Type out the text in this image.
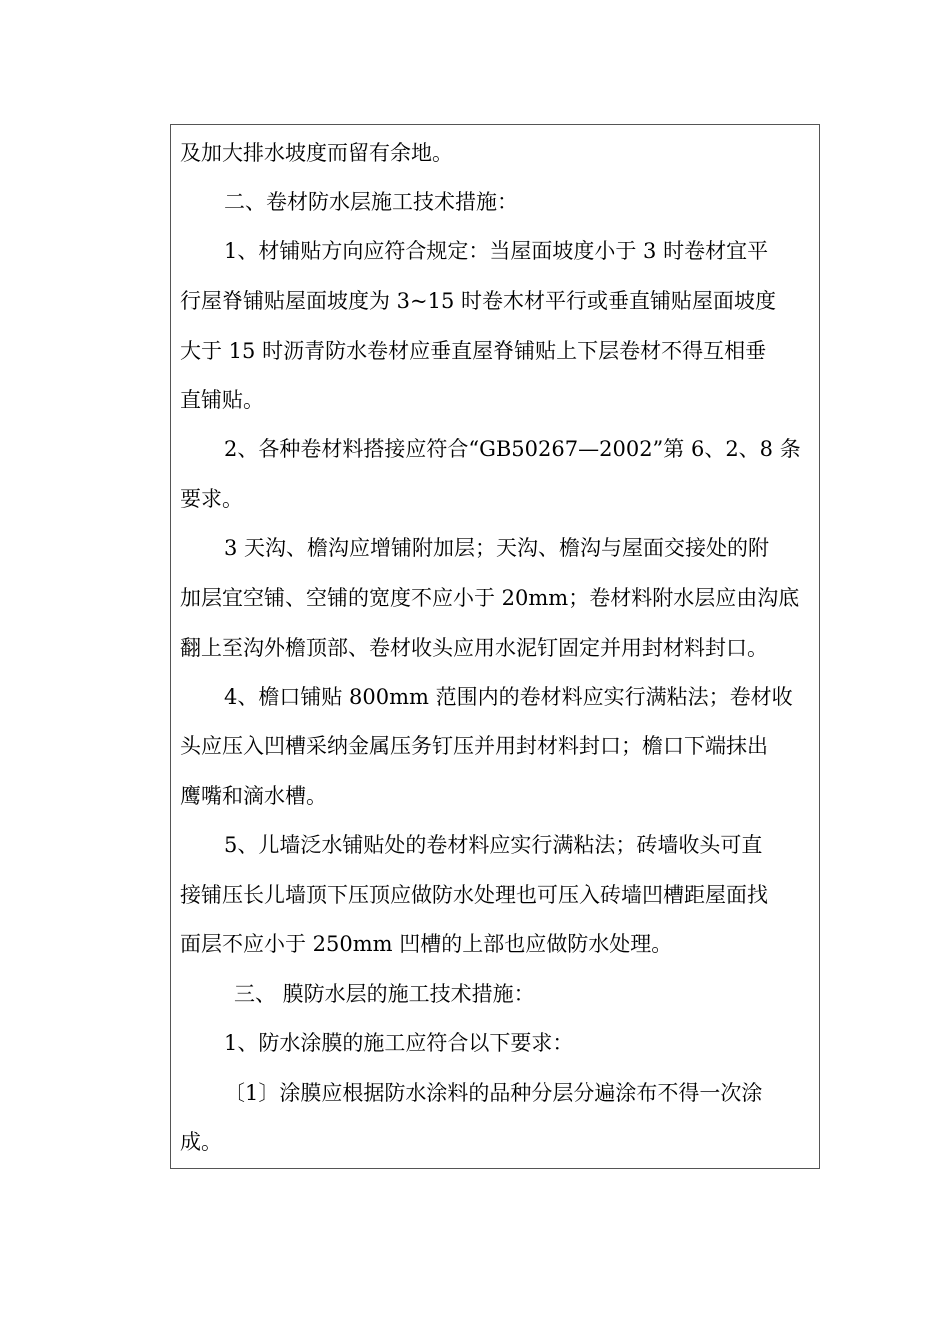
及加大排水坡度而留有余地。
二、卷材防水层施工技术措施：
1、材铺贴方向应符合规定：当屋面坡度小于 3 时卷材宜平
行屋脊铺贴屋面坡度为 3~15 时卷木材平行或垂直铺贴屋面坡度
大于 15 时沥青防水卷材应垂直屋脊铺贴上下层卷材不得互相垂
直铺贴。
2、各种卷材料搭接应符合“GB50267—2002”第 6、2、8 条
要求。
3 天沟、檐沟应增铺附加层；天沟、檐沟与屋面交接处的附
加层宜空铺、空铺的宽度不应小于 20mm；卷材料附水层应由沟底
翻上至沟外檐顶部、卷材收头应用水泥钉固定并用封材料封口。
4、檐口铺贴 800mm 范围内的卷材料应实行满粘法；卷材收
头应压入凹槽采纳金属压务钉压并用封材料封口；檐口下端抹出
鹰嘴和滴水槽。
5、儿墙泛水铺贴处的卷材料应实行满粘法；砖墙收头可直
接铺压长儿墙顶下压顶应做防水处理也可压入砖墙凹槽距屋面找
面层不应小于 250mm 凹槽的上部也应做防水处理。
三、 膜防水层的施工技术措施：
1、防水涂膜的施工应符合以下要求：
〔1〕涂膜应根据防水涂料的品种分层分遍涂布不得一次涂
成。
